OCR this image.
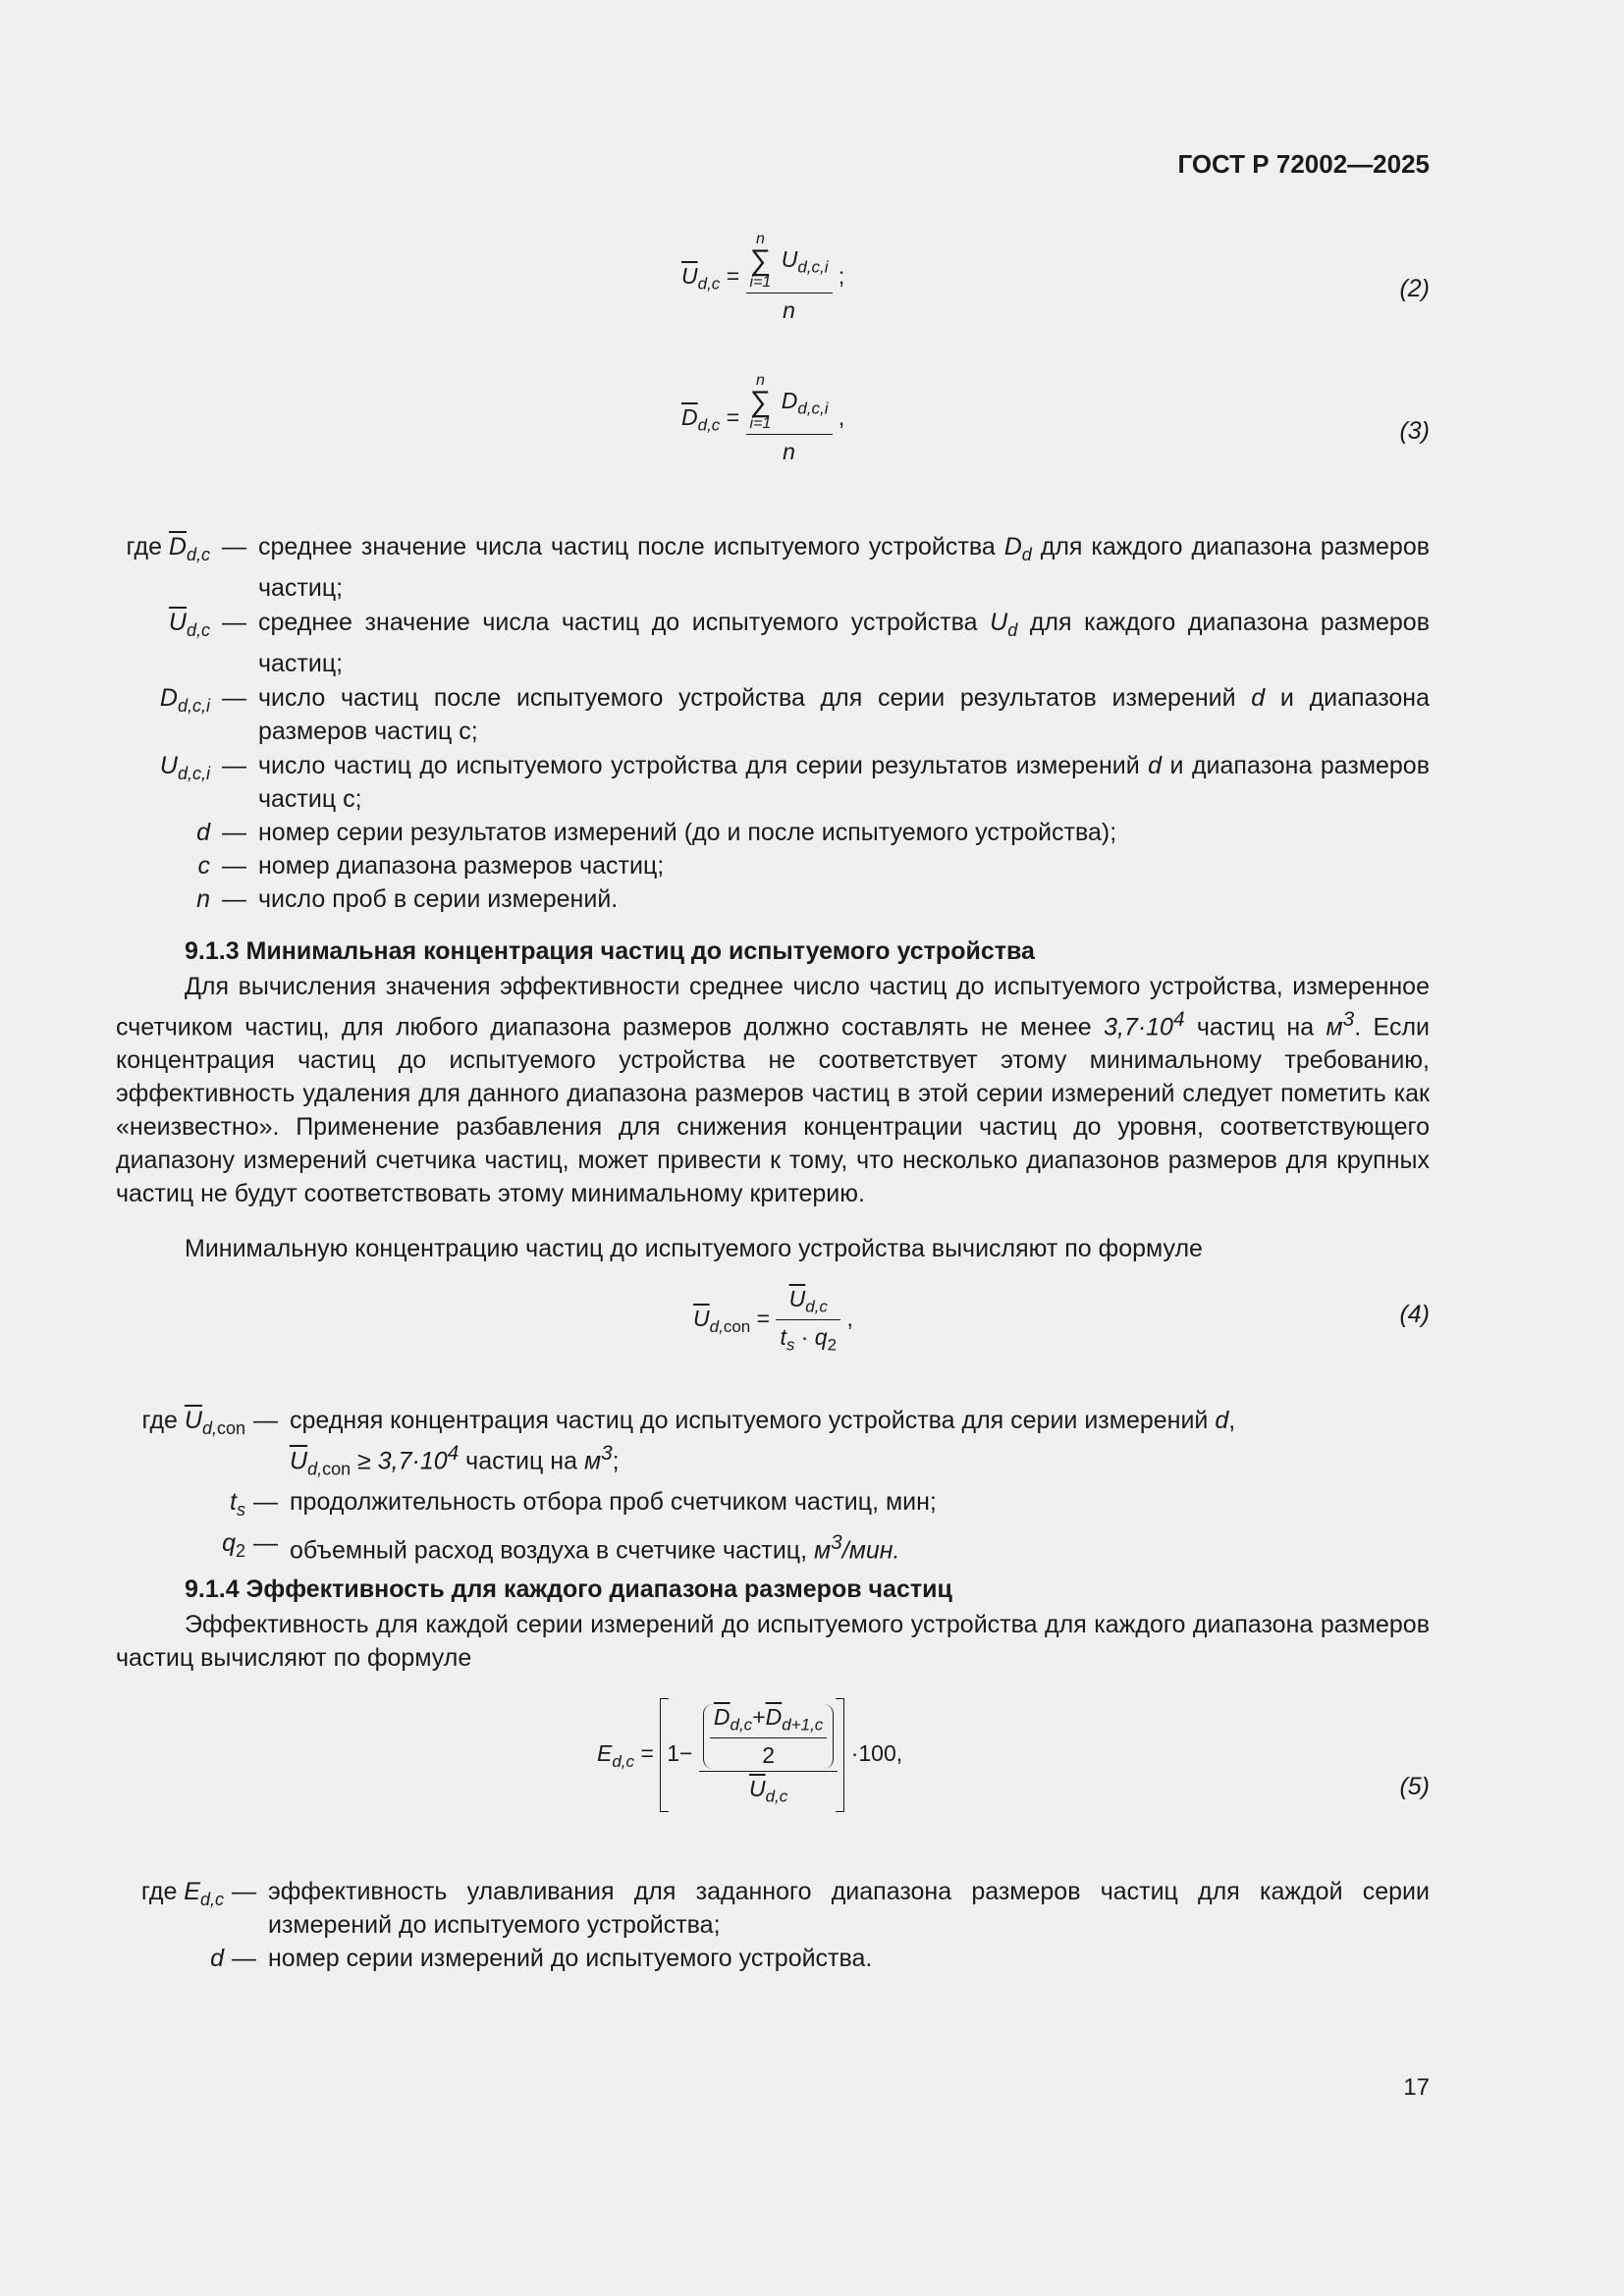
ГОСТ Р 72002—2025
$\overline{U}_{d,c} = n$
∑
i=1
$U_{d,c,i}$
n ;	(2)
$\overline{D}_{d,c} = n$
∑
i=1
$D_{d,c,i}$
n ,	(3)
где $\overline{D}_{d,c}$ — среднее значение числа частиц после испытуемого устройства $D_d$ для каждого диапазона размеров частиц;
$\overline{U}_{d,c}$ — среднее значение числа частиц до испытуемого устройства $U_d$ для каждого диапазона размеров частиц;
$D_{d,c,i}$ — число частиц после испытуемого устройства для серии результатов измерений d и диапазона размеров частиц с;
$U_{d,c,i}$ — число частиц до испытуемого устройства для серии результатов измерений d и диапазона размеров частиц с;
d — номер серии результатов измерений (до и после испытуемого устройства);
c — номер диапазона размеров частиц;
n — число проб в серии измерений.
9.1.3 Минимальная концентрация частиц до испытуемого устройства
Для вычисления значения эффективности среднее число частиц до испытуемого устройства, измеренное счетчиком частиц, для любого диапазона размеров должно составлять не менее $3,7\cdot 10^4$ частиц на $м^3$. Если концентрация частиц до испытуемого устройства не соответствует этому минимальному требованию, эффективность удаления для данного диапазона размеров частиц в этой серии измерений следует пометить как «неизвестно». Применение разбавления для снижения концентрации частиц до уровня, соответствующего диапазону измерений счетчика частиц, может привести к тому, что несколько диапазонов размеров для крупных частиц не будут соответствовать этому минимальному критерию.
Минимальную концентрацию частиц до испытуемого устройства вычисляют по формуле
$\overline{U}_{d,con} = \frac{\overline{U}_{d,c}}{t_s \cdot q_2}$ ,	(4)
где $\overline{U}_{d,con}$ — средняя концентрация частиц до испытуемого устройства для серии измерений d,
$\overline{U}_{d,con} \ge 3,7\cdot 10^4$ частиц на $м^3$;
$t_s$ — продолжительность отбора проб счетчиком частиц, мин;
$q_2$ — объемный расход воздуха в счетчике частиц, $м^3$/мин.
9.1.4 Эффективность для каждого диапазона размеров частиц
Эффективность для каждой серии измерений до испытуемого устройства для каждого диапазона размеров частиц вычисляют по формуле
$E_{d,c} = 1- \frac{\frac{\overline{D}_{d,c}+\overline{D}_{d+1,c}}{2}}{\overline{U}_{d,c}} \cdot 100$,
(5)
где $E_{d,c}$ — эффективность улавливания для заданного диапазона размеров частиц для каждой серии измерений до испытуемого устройства;
d — номер серии измерений до испытуемого устройства.
17
